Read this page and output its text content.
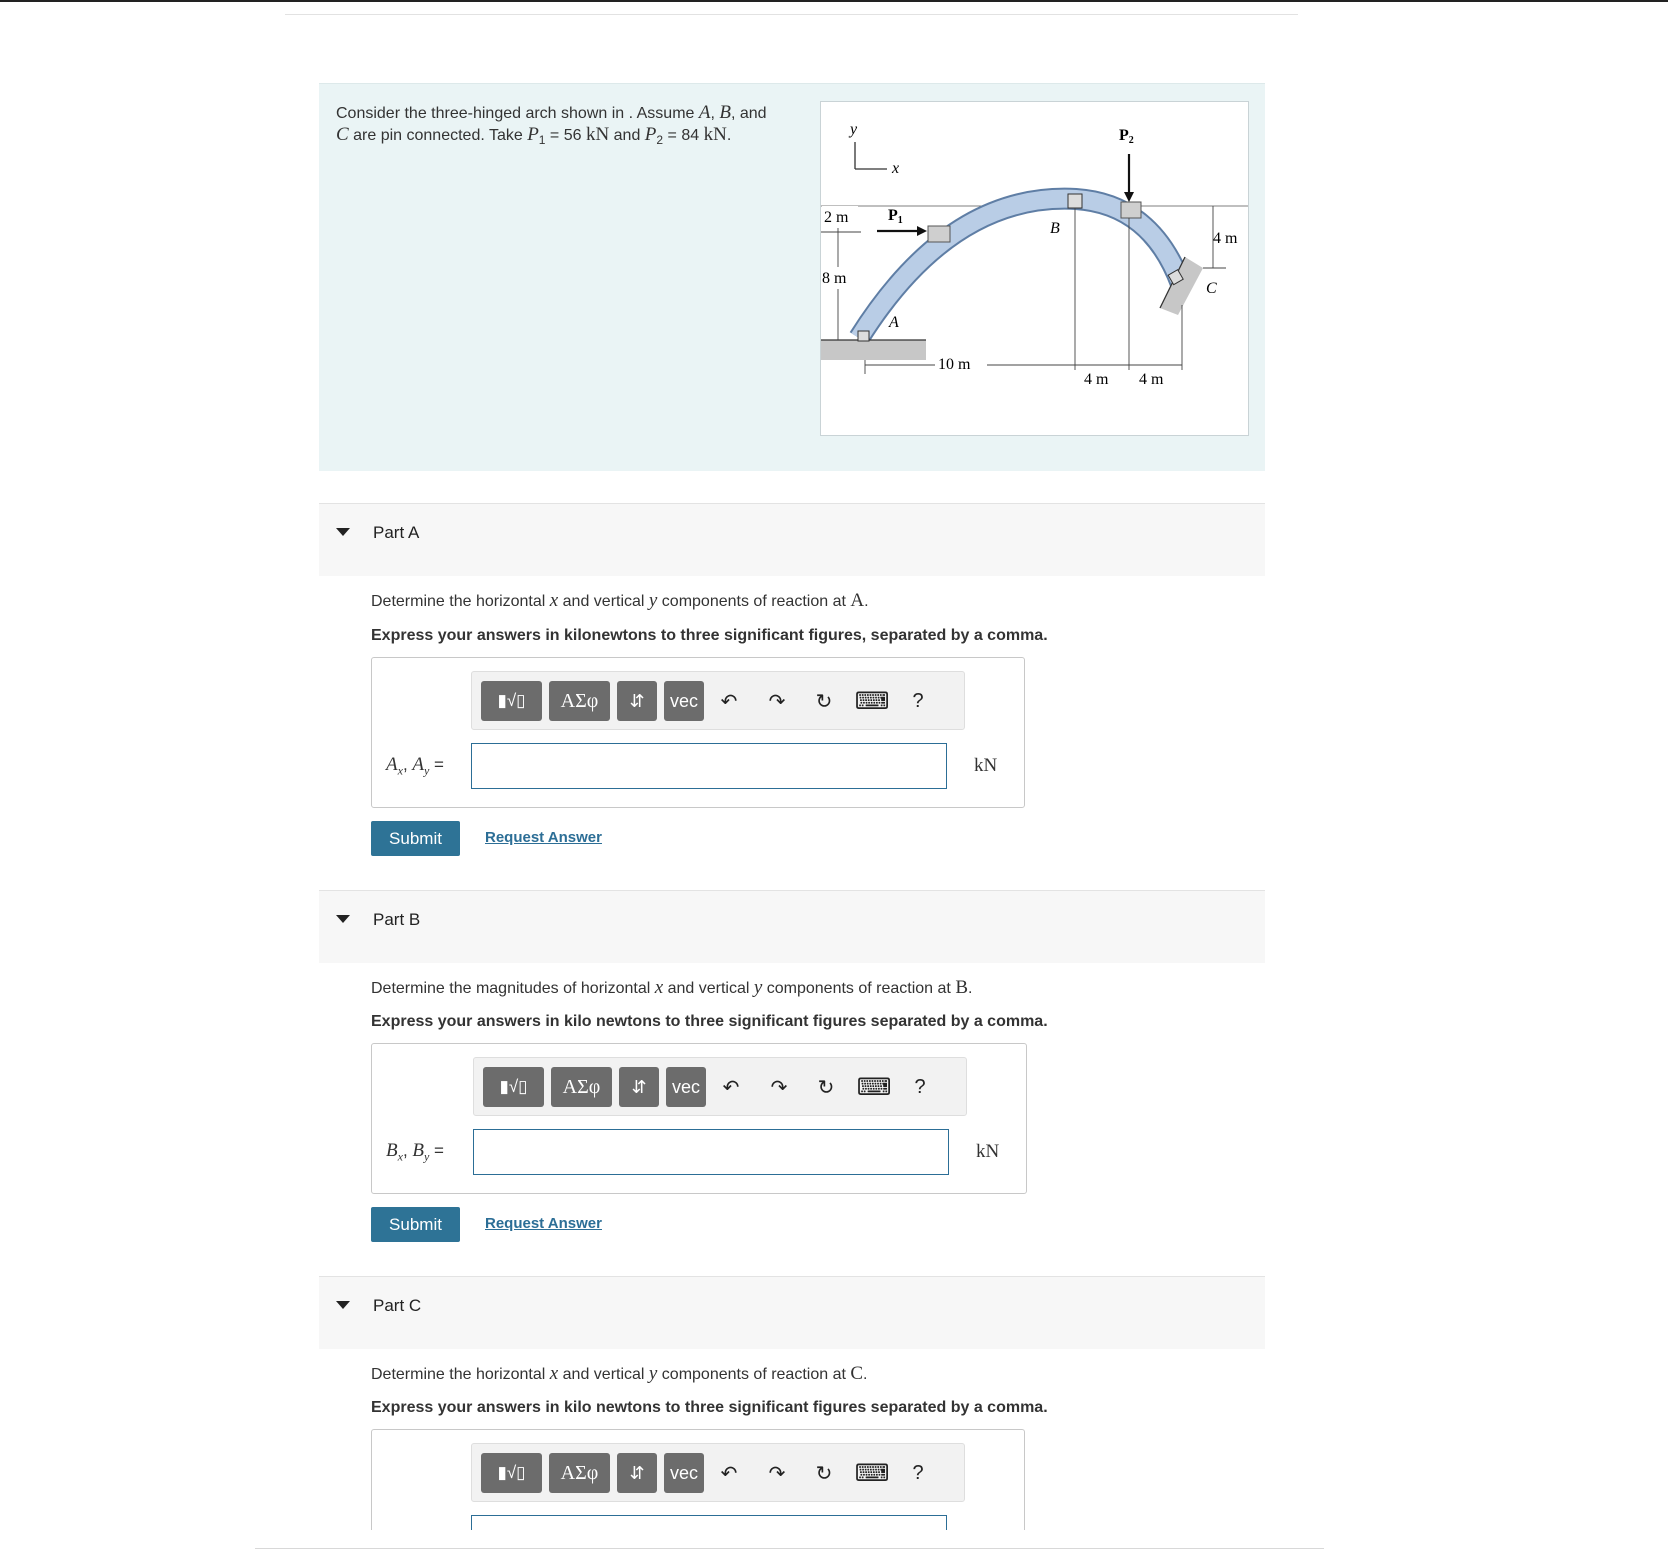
Consider the three-hinged arch shown in . Assume A, B, and
C are pin connected. Take $P_1 = 56$ kN and $P_2 = 84$ kN.	y
x
P1
P2
A
B
C
2 m
8 m
10 m
4 m 4 m
4 m
Part A
Determine the horizontal x and vertical y components of reaction at A.
Express your answers in kilonewtons to three significant figures, separated by a comma.
▮√▯	ΑΣφ	⇵	vec	↶	↷	↻ ⌨	?
$A_x$, $A_y$ =	kN
Submit	Request Answer
Part B
Determine the magnitudes of horizontal x and vertical y components of reaction at B.
Express your answers in kilo newtons to three significant figures separated by a comma.
▮√▯	ΑΣφ	⇵	vec	↶	↷	↻ ⌨	?
$B_x$, $B_y$ =	kN
Submit	Request Answer
Part C
Determine the horizontal x and vertical y components of reaction at C.
Express your answers in kilo newtons to three significant figures separated by a comma.
▮√▯	ΑΣφ	⇵	vec	↶	↷	↻ ⌨	?
